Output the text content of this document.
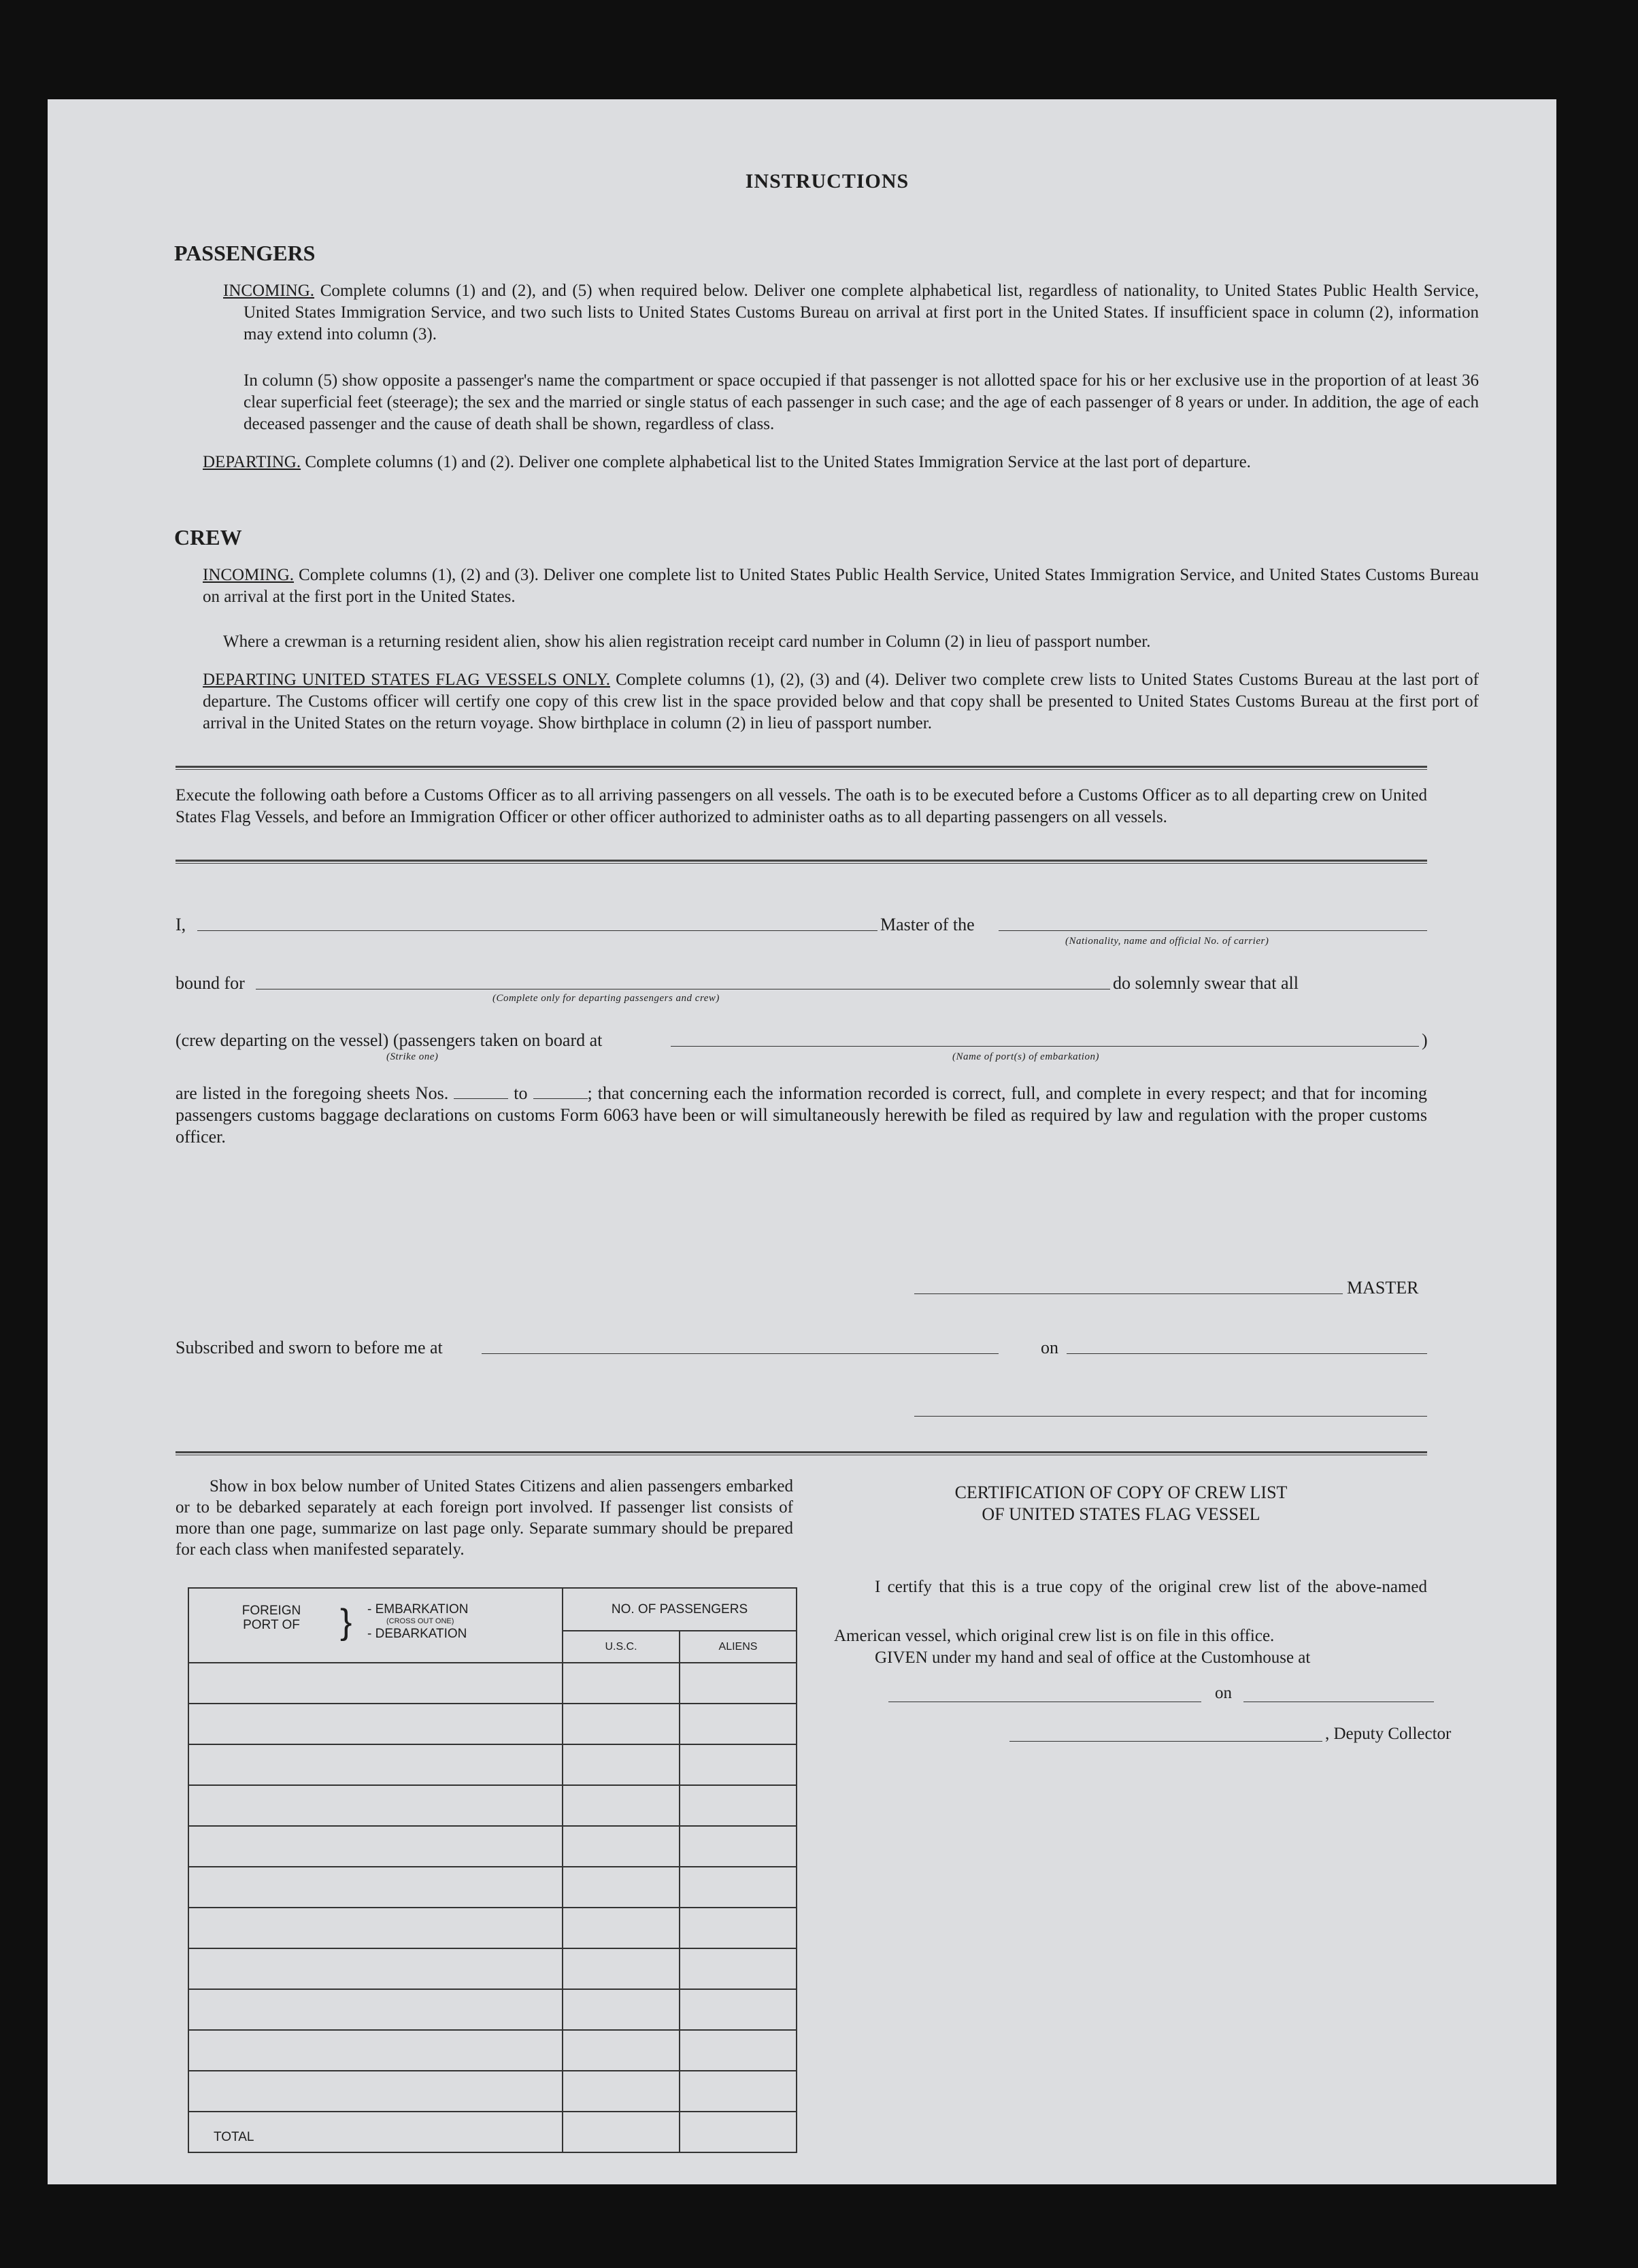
INSTRUCTIONS
PASSENGERS
INCOMING. Complete columns (1) and (2), and (5) when required below. Deliver one complete alphabetical list, regardless of nationality, to United States Public Health Service, United States Immigration Service, and two such lists to United States Customs Bureau on arrival at first port in the United States. If insufficient space in column (2), information may extend into column (3).
In column (5) show opposite a passenger's name the compartment or space occupied if that passenger is not allotted space for his or her exclusive use in the proportion of at least 36 clear superficial feet (steerage); the sex and the married or single status of each passenger in such case; and the age of each passenger of 8 years or under. In addition, the age of each deceased passenger and the cause of death shall be shown, regardless of class.
DEPARTING. Complete columns (1) and (2). Deliver one complete alphabetical list to the United States Immigration Service at the last port of departure.
CREW
INCOMING. Complete columns (1), (2) and (3). Deliver one complete list to United States Public Health Service, United States Immigration Service, and United States Customs Bureau on arrival at the first port in the United States.
Where a crewman is a returning resident alien, show his alien registration receipt card number in Column (2) in lieu of passport number.
DEPARTING UNITED STATES FLAG VESSELS ONLY. Complete columns (1), (2), (3) and (4). Deliver two complete crew lists to United States Customs Bureau at the last port of departure. The Customs officer will certify one copy of this crew list in the space provided below and that copy shall be presented to United States Customs Bureau at the first port of arrival in the United States on the return voyage. Show birthplace in column (2) in lieu of passport number.
Execute the following oath before a Customs Officer as to all arriving passengers on all vessels. The oath is to be executed before a Customs Officer as to all departing crew on United States Flag Vessels, and before an Immigration Officer or other officer authorized to administer oaths as to all departing passengers on all vessels.
I,	Master of the
(Nationality, name and official No. of carrier)
bound for
(Complete only for departing passengers and crew)
do solemnly swear that all
(crew departing on the vessel) (passengers taken on board at
(Strike one)
)
(Name of port(s) of embarkation)
are listed in the foregoing sheets Nos.	to	; that concerning each the information recorded is correct, full, and complete in every respect; and that for incoming passengers customs baggage declarations on customs Form 6063 have been or will simultaneously herewith be filed as required by law and regulation with the proper customs officer.
MASTER
Subscribed and sworn to before me at	on
Show in box below number of United States Citizens and alien passengers embarked or to be debarked separately at each foreign port involved. If passenger list consists of more than one page, summarize on last page only. Separate summary should be prepared for each class when manifested separately.
FOREIGN PORT OF } - EMBARKATION
(CROSS OUT ONE)
- DEBARKATION	NO. OF PASSENGERS	
	U.S.C.	ALIENS

TOTAL		
CERTIFICATION OF COPY OF CREW LIST
OF UNITED STATES FLAG VESSEL
I certify that this is a true copy of the original crew list of the above-named American vessel, which original crew list is on file in this office.
GIVEN under my hand and seal of office at the Customhouse at
on
, Deputy Collector
